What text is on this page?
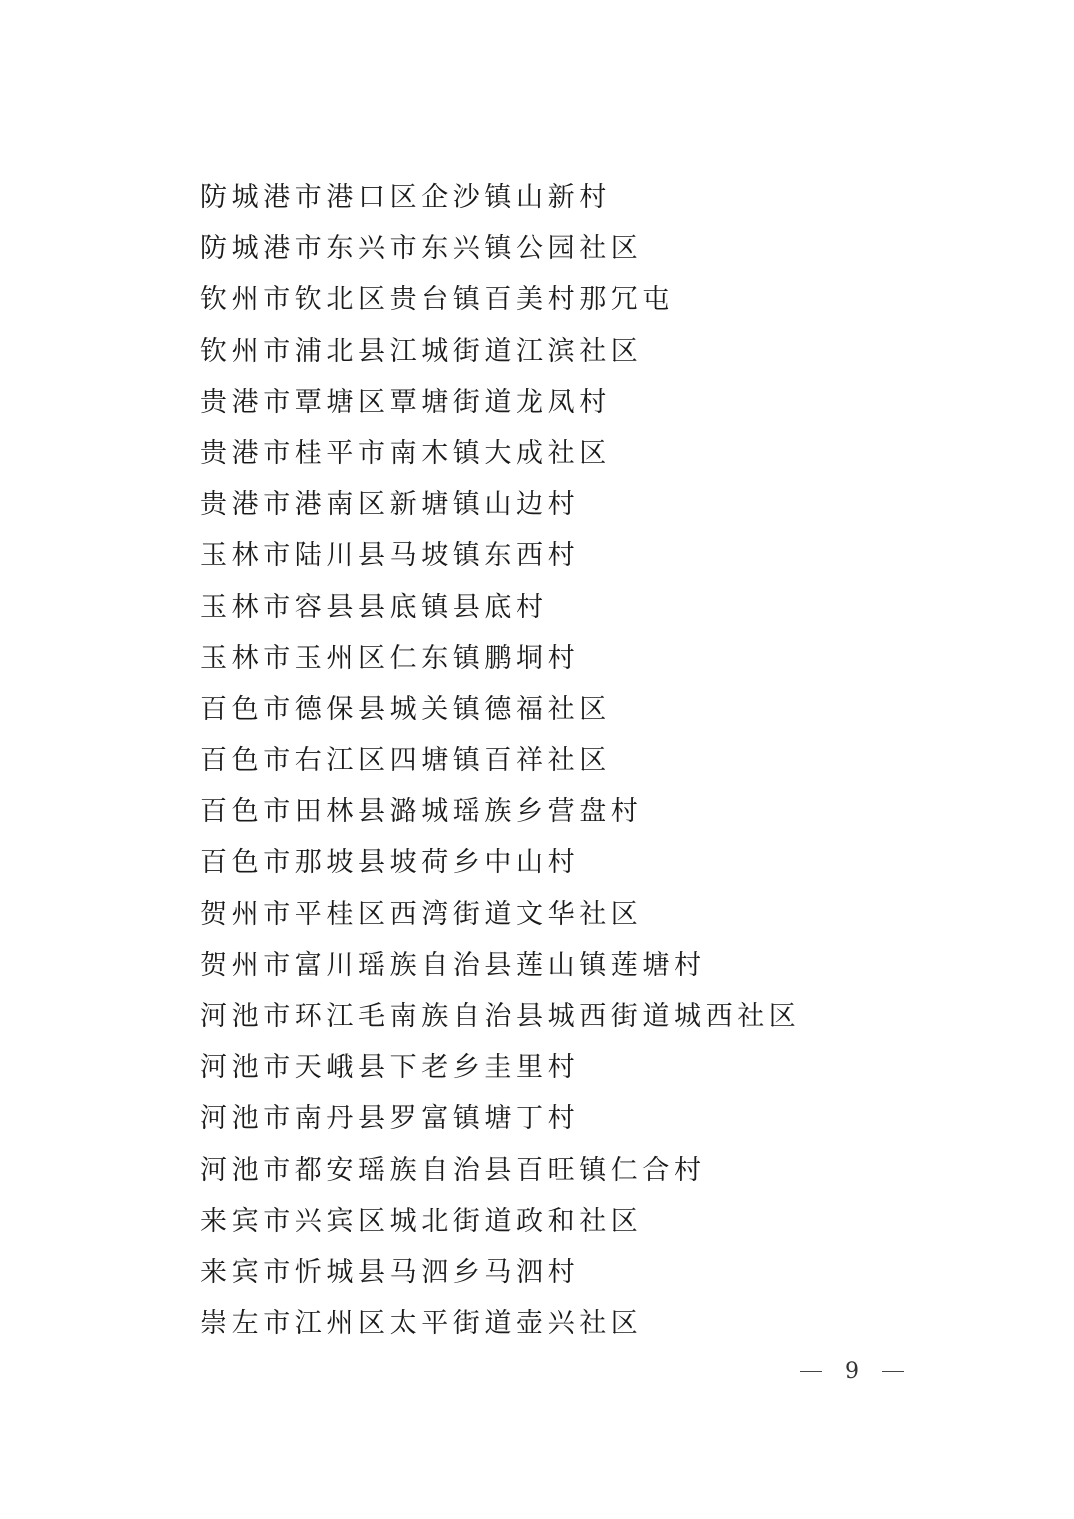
防城港市港口区企沙镇山新村
防城港市东兴市东兴镇公园社区
钦州市钦北区贵台镇百美村那冗屯
钦州市浦北县江城街道江滨社区
贵港市覃塘区覃塘街道龙凤村
贵港市桂平市南木镇大成社区
贵港市港南区新塘镇山边村
玉林市陆川县马坡镇东西村
玉林市容县县底镇县底村
玉林市玉州区仁东镇鹏垌村
百色市德保县城关镇德福社区
百色市右江区四塘镇百祥社区
百色市田林县潞城瑶族乡营盘村
百色市那坡县坡荷乡中山村
贺州市平桂区西湾街道文华社区
贺州市富川瑶族自治县莲山镇莲塘村
河池市环江毛南族自治县城西街道城西社区
河池市天峨县下老乡圭里村
河池市南丹县罗富镇塘丁村
河池市都安瑶族自治县百旺镇仁合村
来宾市兴宾区城北街道政和社区
来宾市忻城县马泗乡马泗村
崇左市江州区太平街道壶兴社区
9
